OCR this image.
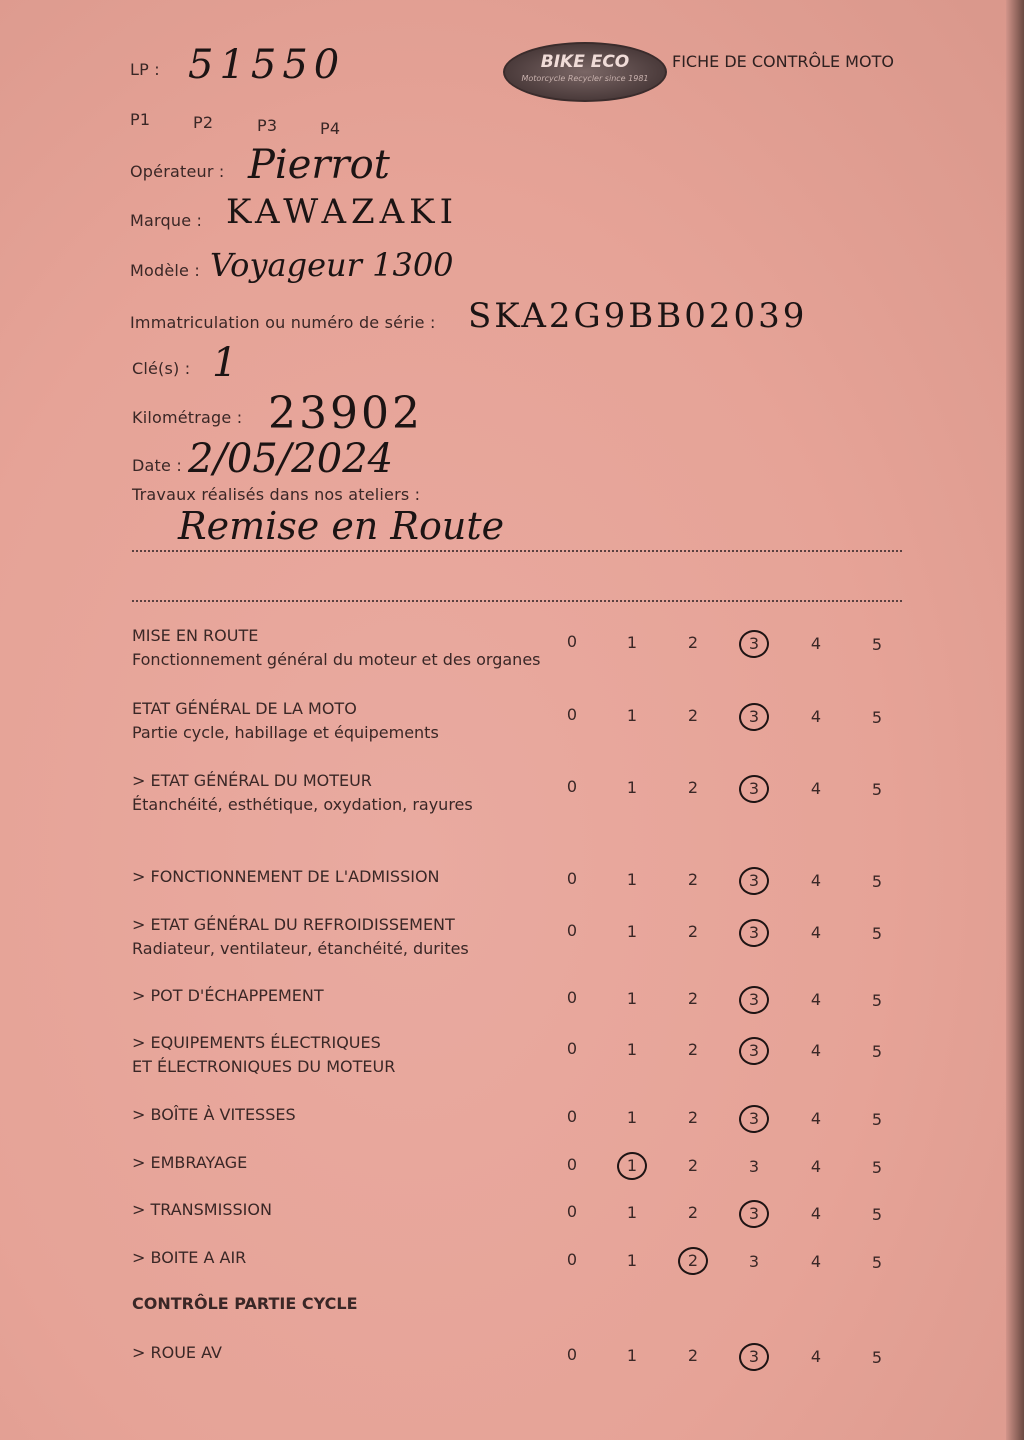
LP : 51550
P1	P2	P3	P4
BIKE ECO
Motorcycle Recycler since 1981
FICHE DE CONTRÔLE MOTO
Opérateur : Pierrot
Marque : KAWAZAKI
Modèle : Voyageur 1300
Immatriculation ou numéro de série : SKA2G9BB02039
Clé(s) : 1
Kilométrage : 23902
Date : 2/05/2024
Travaux réalisés dans nos ateliers :
Remise en Route
MISE EN ROUTE
Fonctionnement général du moteur et des organes
0	1	2	3	4	5
ETAT GÉNÉRAL DE LA MOTO
Partie cycle, habillage et équipements
0	1	2	3	4	5
> ETAT GÉNÉRAL DU MOTEUR
Étanchéité, esthétique, oxydation, rayures
0	1	2	3	4	5
> FONCTIONNEMENT DE L'ADMISSION	0	1	2	3	4	5
> ETAT GÉNÉRAL DU REFROIDISSEMENT
Radiateur, ventilateur, étanchéité, durites
0	1	2	3	4	5
> POT D'ÉCHAPPEMENT	0	1	2	3	4	5
> EQUIPEMENTS ÉLECTRIQUES
ET ÉLECTRONIQUES DU MOTEUR
0	1	2	3	4	5
> BOÎTE À VITESSES	0	1	2	3	4	5
> EMBRAYAGE	0	1	2	3	4	5
> TRANSMISSION	0	1	2	3	4	5
> BOITE A AIR	0	1	2	3	4	5
CONTRÔLE PARTIE CYCLE
> ROUE AV	0	1	2	3	4	5
